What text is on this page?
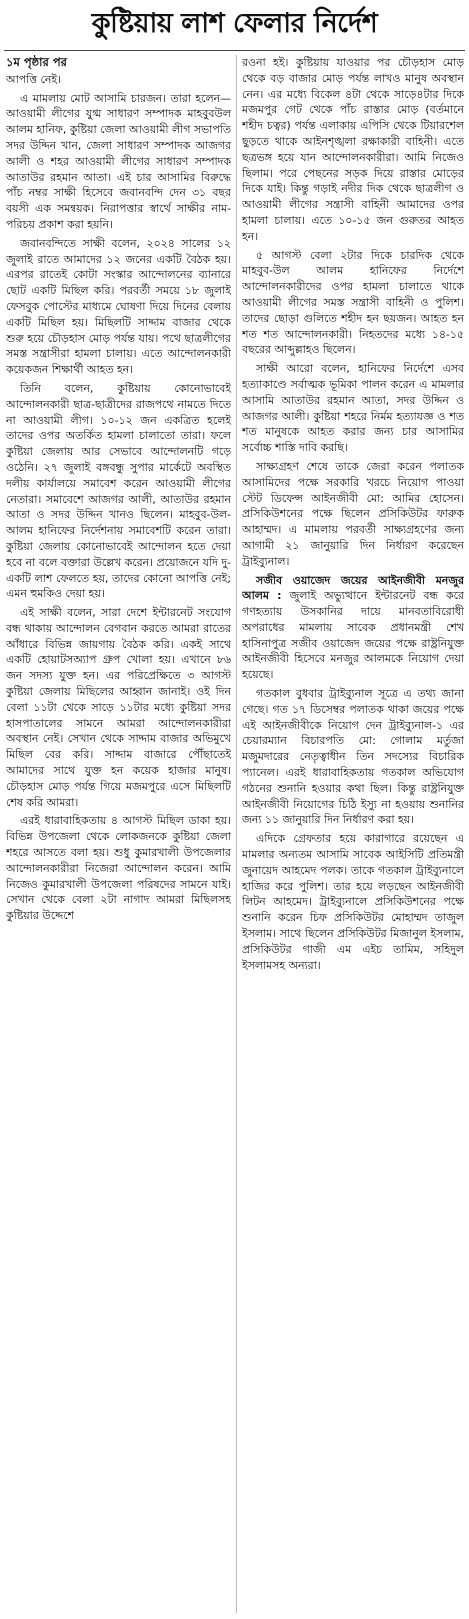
কুষ্টিয়ায় লাশ ফেলার নির্দেশ
১ম পৃষ্ঠার পর

আপত্তি নেই।

এ মামলায় মোট আসামি চারজন। তারা হলেন— আওয়ামী লীগের যুগ্ম সাধারণ সম্পাদক মাহবুবউল আলম হানিফ, কুষ্টিয়া জেলা আওয়ামী লীগ সভাপতি সদর উদ্দিন খান, জেলা সাধারণ সম্পাদক আজগর আলী ও শহর আওয়ামী লীগের সাধারণ সম্পাদক আতাউর রহমান আতা। এই চার আসামির বিরুদ্ধে পাঁচ নম্বর সাক্ষী হিসেবে জবানবন্দি দেন ৩১ বছর বয়সী এক সমন্বয়ক। নিরাপত্তার স্বার্থে সাক্ষীর নাম-পরিচয় প্রকাশ করা হয়নি।

জবানবন্দিতে সাক্ষী বলেন, ২০২৪ সালের ১২ জুলাই রাতে আমাদের ১২ জনের একটি বৈঠক হয়। এরপর রাতেই কোটা সংস্কার আন্দোলনের ব্যানারে ছোট একটি মিছিল করি। পরবর্তী সময়ে ১৮ জুলাই ফেসবুক পোস্টের মাধ্যমে ঘোষণা দিয়ে দিনের বেলায় একটি মিছিল হয়। মিছিলটি সাদ্দাম বাজার থেকে শুরু হয়ে চৌড়হাস মোড় পর্যন্ত যায়। পথে ছাত্রলীগের সমস্ত সন্ত্রাসীরা হামলা চালায়। এতে আন্দোলনকারী কয়েকজন শিক্ষার্থী আহত হন।

তিনি বলেন, কুষ্টিয়ায় কোনোভাবেই আন্দোলনকারী ছাত্র-ছাত্রীদের রাজপথে নামতে দিতে না আওয়ামী লীগ। ১০-১২ জন একত্রিত হলেই তাদের ওপর অতর্কিত হামলা চালাতো তারা। ফলে কুষ্টিয়া জেলায় আর সেভাবে আন্দোলনটি গড়ে ওঠেনি। ২৭ জুলাই বঙ্গবন্ধু সুপার মার্কেটে অবস্থিত দলীয় কার্যালয়ে সমাবেশ করেন আওয়ামী লীগের নেতারা। সমাবেশে আজগর আলী, আতাউর রহমান আতা ও সদর উদ্দিন খানও ছিলেন। মাহবুব-উল-আলম হানিফের নির্দেশনায় সমাবেশটি করেন তারা। কুষ্টিয়া জেলায় কোনোভাবেই আন্দোলন হতে দেয়া হবে না বলে বক্তারা উল্লেখ করেন। প্রয়োজনে যদি দু-একটি লাশ ফেলতে হয়, তাদের কোনো আপত্তি নেই; এমন হুমকিও দেয়া হয়।

এই সাক্ষী বলেন, সারা দেশে ইন্টারনেট সংযোগ বন্ধ থাকায় আন্দোলন বেগবান করতে আমরা রাতের আঁধারে বিভিন্ন জায়গায় বৈঠক করি। একই সাথে একটি হোয়াটসঅ্যাপ গ্রুপ খোলা হয়। এখানে ৮৬ জন সদস্য যুক্ত হন। এর পরিপ্রেক্ষিতে ৩ আগস্ট কুষ্টিয়া জেলায় মিছিলের আহ্বান জানাই। ওই দিন বেলা ১১টা থেকে সাড়ে ১১টার মধ্যে কুষ্টিয়া সদর হাসপাতালের সামনে আমরা আন্দোলনকারীরা অবস্থান নেই। সেখান থেকে সাদ্দাম বাজার অভিমুখে মিছিল বের করি। সাদ্দাম বাজারে পৌঁছাতেই আমাদের সাথে যুক্ত হন কয়েক হাজার মানুষ। চৌড়হাস মোড় পর্যন্ত গিয়ে মজমপুরে এসে মিছিলটি শেষ করি আমরা।

এরই ধারাবাহিকতায় ৪ আগস্ট মিছিল ডাকা হয়। বিভিন্ন উপজেলা থেকে লোকজনকে কুষ্টিয়া জেলা শহরে আসতে বলা হয়। শুধু কুমারখালী উপজেলার আন্দোলনকারীরা নিজেরা আন্দোলন করেন। আমি নিজেও কুমারখালী উপজেলা পরিষদের সামনে যাই। সেখান থেকে বেলা ২টা নাগাদ আমরা মিছিলসহ কুষ্টিয়ার উদ্দেশে

রওনা হই। কুষ্টিয়ায় যাওয়ার পর চৌড়হাস মোড় থেকে বড় বাজার মোড় পর্যন্ত লাখও মানুষ অবস্থান নেন। এর মধ্যে বিকেল ৪টা থেকে সাড়ে৪টার দিকে মজমপুর গেট থেকে পাঁচ রাস্তার মোড় (বর্তমানে শহীদ চত্বর) পর্যন্ত এলাকায় এপিসি থেকে টিয়ারশেল ছুড়তে থাকে আইনশৃঙ্খলা রক্ষাকারী বাহিনী। এতে ছত্রভঙ্গ হয়ে যান আন্দোলনকারীরা। আমি নিজেও ছিলাম। পরে পেছনের সড়ক দিয়ে রাস্তার মোড়ের দিকে যাই। কিন্তু গড়াই নদীর দিক থেকে ছাত্রলীগ ও আওয়ামী লীগের সন্ত্রাসী বাহিনী আমাদের ওপর হামলা চালায়। এতে ১০-১৫ জন গুরুতর আহত হন।

৫ আগস্ট বেলা ২টার দিকে চারদিক থেকে মাহবুব-উল আলম হানিফের নির্দেশে আন্দোলনকারীদের ওপর হামলা চালাতে থাকে আওয়ামী লীগের সমস্ত সন্ত্রাসী বাহিনী ও পুলিশ। তাদের ছোড়া গুলিতে শহীদ হন ছয়জন। আহত হন শত শত আন্দোলনকারী। নিহতদের মধ্যে ১৪-১৫ বছরের আব্দুল্লাহও ছিলেন।

সাক্ষী আরো বলেন, হানিফের নির্দেশে এসব হত্যাকাণ্ডে সর্বাত্মক ভূমিকা পালন করেন এ মামলার আসামি আতাউর রহমান আতা, সদর উদ্দিন ও আজগর আলী। কুষ্টিয়া শহরে নির্মম হত্যাযজ্ঞ ও শত শত মানুষকে আহত করার জন্য চার আসামির সর্বোচ্চ শাস্তি দাবি করছি।

সাক্ষ্যগ্রহণ শেষে তাকে জেরা করেন পলাতক আসামিদের পক্ষে সরকারি খরচে নিয়োগ পাওয়া স্টেট ডিফেন্স আইনজীবী মো: আমির হোসেন। প্রসিকিউশনের পক্ষে ছিলেন প্রসিকিউটর ফারুক আহাম্মদ। এ মামলায় পরবর্তী সাক্ষ্যগ্রহণের জন্য আগামী ২১ জানুয়ারি দিন নির্ধারণ করেছেন ট্রাইব্যুনাল।

সজীব ওয়াজেদ জয়ের আইনজীবী মনজুর আলম : জুলাই অভ্যুত্থানে ইন্টারনেট বন্ধ করে গণহত্যায় উসকানির দায়ে মানবতাবিরোধী অপরাধের মামলায় সাবেক প্রধানমন্ত্রী শেখ হাসিনাপুত্র সজীব ওয়াজেদ জয়ের পক্ষে রাষ্ট্রনিযুক্ত আইনজীবী হিসেবে মনজুর আলমকে নিয়োগ দেয়া হয়েছে।

গতকাল বুধবার ট্রাইব্যুনাল সূত্রে এ তথ্য জানা গেছে। গত ১৭ ডিসেম্বর পলাতক থাকা জয়ের পক্ষে এই আইনজীবীকে নিয়োগ দেন ট্রাইব্যুনাল-১ এর চেয়ারম্যান বিচারপতি মো: গোলাম মর্তুজা মজুমদারের নেতৃত্বাধীন তিন সদস্যের বিচারিক প্যানেল। এরই ধারাবাহিকতায় গতকাল অভিযোগ গঠনের শুনানি হওয়ার কথা ছিল। কিন্তু রাষ্ট্রনিযুক্ত আইনজীবী নিয়োগের চিঠি ইস্যু না হওয়ায় শুনানির জন্য ১১ জানুয়ারি দিন নির্ধারণ করা হয়।

এদিকে গ্রেফতার হয়ে কারাগারে রয়েছেন এ মামলার অন্যতম আসামি সাবেক আইসিটি প্রতিমন্ত্রী জুনায়েদ আহমেদ পলক। তাকে গতকাল ট্রাইব্যুনালে হাজির করে পুলিশ। তার হয়ে লড়ছেন আইনজীবী লিটন আহমেদ। ট্রাইব্যুনালে প্রসিকিউশনের পক্ষে শুনানি করেন চিফ প্রসিকিউটর মোহাম্মদ তাজুল ইসলাম। সাথে ছিলেন প্রসিকিউটর মিজানুল ইসলাম, প্রসিকিউটর গাজী এম এইচ তামিম, সহিদুল ইসলামসহ অন্যরা।
